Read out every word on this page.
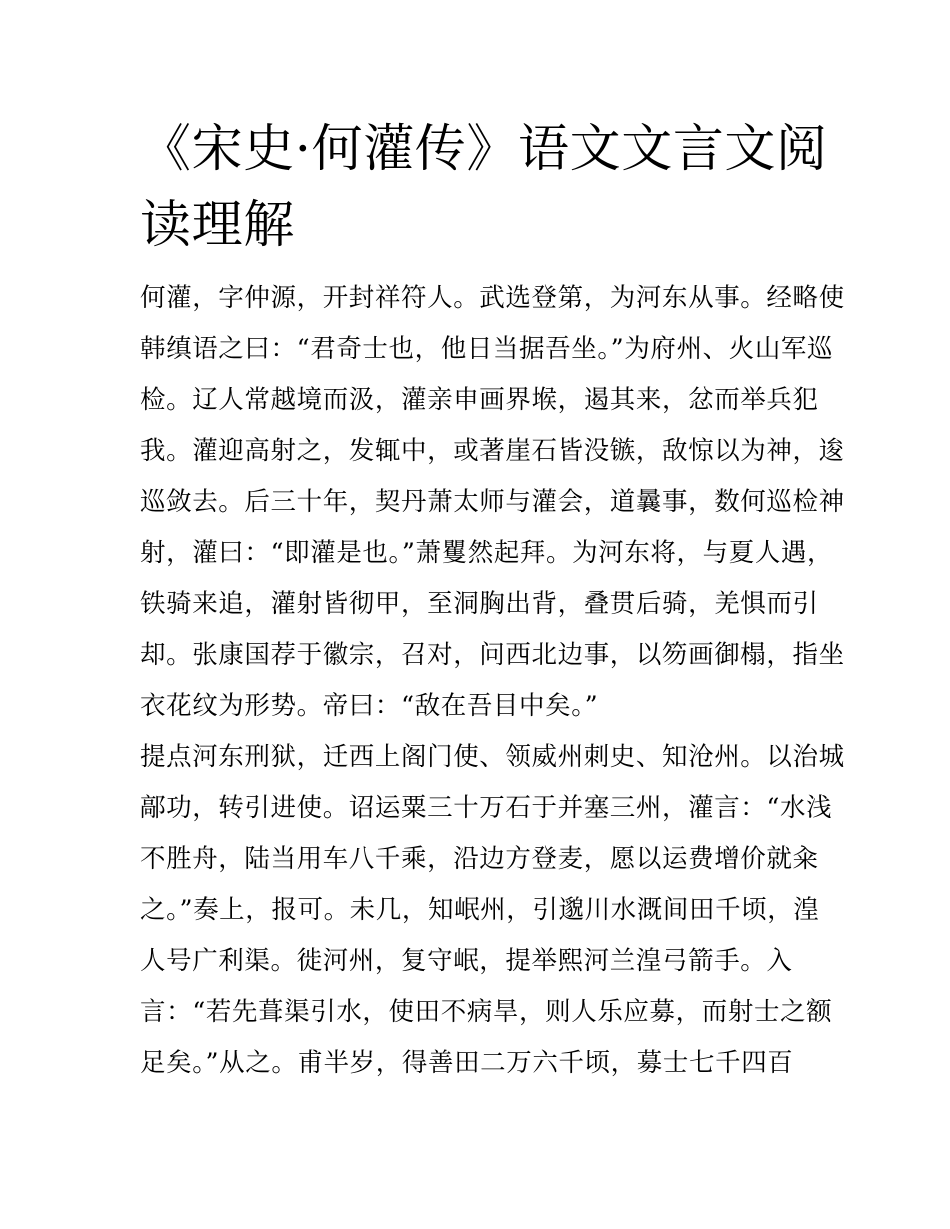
《宋史·何灌传》语文文言文阅
读理解
何灌，字仲源，开封祥符人。武选登第，为河东从事。经略使
韩缜语之曰：“君奇士也，他日当据吾坐。”为府州、火山军巡
检。辽人常越境而汲，灌亲申画界堠，遏其来，忿而举兵犯
我。灌迎高射之，发辄中，或著崖石皆没镞，敌惊以为神，逡
巡敛去。后三十年，契丹萧太师与灌会，道曩事，数何巡检神
射，灌曰：“即灌是也。”萧矍然起拜。为河东将，与夏人遇，
铁骑来追，灌射皆彻甲，至洞胸出背，叠贯后骑，羌惧而引
却。张康国荐于徽宗，召对，问西北边事，以笏画御榻，指坐
衣花纹为形势。帝曰：“敌在吾目中矣。”
提点河东刑狱，迁西上阁门使、领威州刺史、知沧州。以治城
鄗功，转引进使。诏运粟三十万石于并塞三州，灌言：“水浅
不胜舟，陆当用车八千乘，沿边方登麦，愿以运费增价就籴
之。”奏上，报可。未几，知岷州，引邈川水溉间田千顷，湟
人号广利渠。徙河州，复守岷，提举熙河兰湟弓箭手。入
言：“若先葺渠引水，使田不病旱，则人乐应募，而射士之额
足矣。”从之。甫半岁，得善田二万六千顷，募士七千四百
